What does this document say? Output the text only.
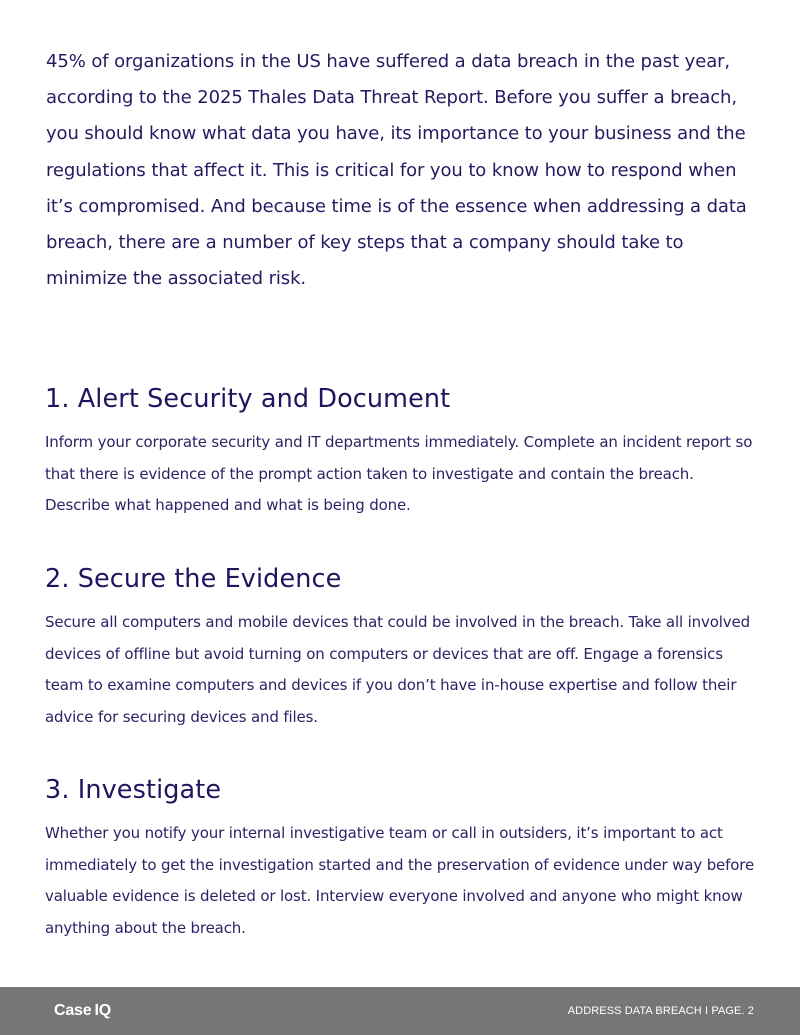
45% of organizations in the US have suffered a data breach in the past year, according to the 2025 Thales Data Threat Report. Before you suffer a breach, you should know what data you have, its importance to your business and the regulations that affect it. This is critical for you to know how to respond when it’s compromised. And because time is of the essence when addressing a data breach, there are a number of key steps that a company should take to minimize the associated risk.

1. Alert Security and Document

Inform your corporate security and IT departments immediately. Complete an incident report so that there is evidence of the prompt action taken to investigate and contain the breach. Describe what happened and what is being done.

2. Secure the Evidence

Secure all computers and mobile devices that could be involved in the breach. Take all involved devices of offline but avoid turning on computers or devices that are off. Engage a forensics team to examine computers and devices if you don’t have in-house expertise and follow their advice for securing devices and files.

3. Investigate

Whether you notify your internal investigative team or call in outsiders, it’s important to act immediately to get the investigation started and the preservation of evidence under way before valuable evidence is deleted or lost. Interview everyone involved and anyone who might know anything about the breach.

Case IQ	ADDRESS DATA BREACH I PAGE. 2
